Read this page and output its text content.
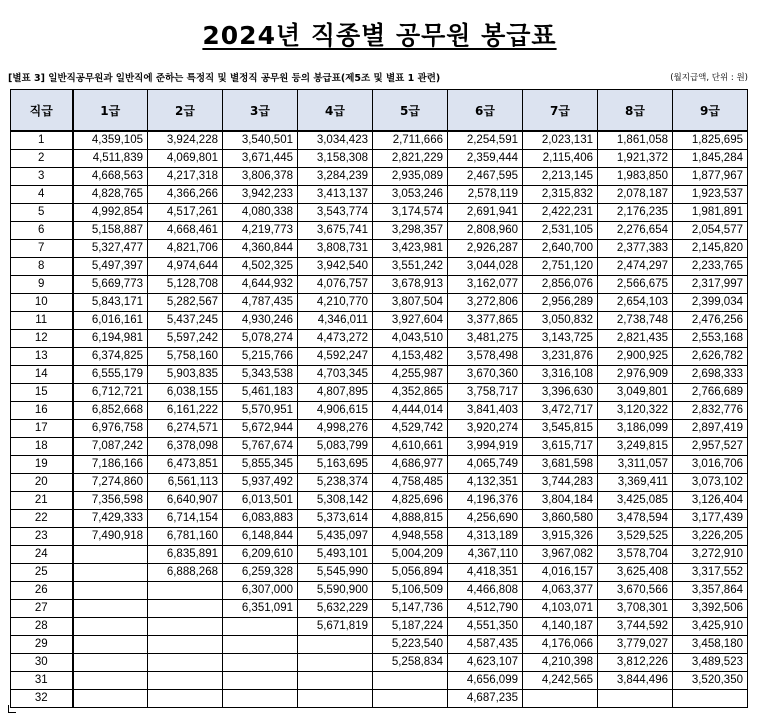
2024년 직종별 공무원 봉급표
[별표 3] 일반직공무원과 일반직에 준하는 특정직 및 별정직 공무원 등의 봉급표(제5조 및 별표 1 관련)	(월지급액, 단위 : 원)
직급	1급	2급	3급	4급	5급	6급	7급	8급	9급
1	4,359,105	3,924,228	3,540,501	3,034,423	2,711,666	2,254,591	2,023,131	1,861,058	1,825,695
2	4,511,839	4,069,801	3,671,445	3,158,308	2,821,229	2,359,444	2,115,406	1,921,372	1,845,284
3	4,668,563	4,217,318	3,806,378	3,284,239	2,935,089	2,467,595	2,213,145	1,983,850	1,877,967
4	4,828,765	4,366,266	3,942,233	3,413,137	3,053,246	2,578,119	2,315,832	2,078,187	1,923,537
5	4,992,854	4,517,261	4,080,338	3,543,774	3,174,574	2,691,941	2,422,231	2,176,235	1,981,891
6	5,158,887	4,668,461	4,219,773	3,675,741	3,298,357	2,808,960	2,531,105	2,276,654	2,054,577
7	5,327,477	4,821,706	4,360,844	3,808,731	3,423,981	2,926,287	2,640,700	2,377,383	2,145,820
8	5,497,397	4,974,644	4,502,325	3,942,540	3,551,242	3,044,028	2,751,120	2,474,297	2,233,765
9	5,669,773	5,128,708	4,644,932	4,076,757	3,678,913	3,162,077	2,856,076	2,566,675	2,317,997
10	5,843,171	5,282,567	4,787,435	4,210,770	3,807,504	3,272,806	2,956,289	2,654,103	2,399,034
11	6,016,161	5,437,245	4,930,246	4,346,011	3,927,604	3,377,865	3,050,832	2,738,748	2,476,256
12	6,194,981	5,597,242	5,078,274	4,473,272	4,043,510	3,481,275	3,143,725	2,821,435	2,553,168
13	6,374,825	5,758,160	5,215,766	4,592,247	4,153,482	3,578,498	3,231,876	2,900,925	2,626,782
14	6,555,179	5,903,835	5,343,538	4,703,345	4,255,987	3,670,360	3,316,108	2,976,909	2,698,333
15	6,712,721	6,038,155	5,461,183	4,807,895	4,352,865	3,758,717	3,396,630	3,049,801	2,766,689
16	6,852,668	6,161,222	5,570,951	4,906,615	4,444,014	3,841,403	3,472,717	3,120,322	2,832,776
17	6,976,758	6,274,571	5,672,944	4,998,276	4,529,742	3,920,274	3,545,815	3,186,099	2,897,419
18	7,087,242	6,378,098	5,767,674	5,083,799	4,610,661	3,994,919	3,615,717	3,249,815	2,957,527
19	7,186,166	6,473,851	5,855,345	5,163,695	4,686,977	4,065,749	3,681,598	3,311,057	3,016,706
20	7,274,860	6,561,113	5,937,492	5,238,374	4,758,485	4,132,351	3,744,283	3,369,411	3,073,102
21	7,356,598	6,640,907	6,013,501	5,308,142	4,825,696	4,196,376	3,804,184	3,425,085	3,126,404
22	7,429,333	6,714,154	6,083,883	5,373,614	4,888,815	4,256,690	3,860,580	3,478,594	3,177,439
23	7,490,918	6,781,160	6,148,844	5,435,097	4,948,558	4,313,189	3,915,326	3,529,525	3,226,205
24		6,835,891	6,209,610	5,493,101	5,004,209	4,367,110	3,967,082	3,578,704	3,272,910
25		6,888,268	6,259,328	5,545,990	5,056,894	4,418,351	4,016,157	3,625,408	3,317,552
26			6,307,000	5,590,900	5,106,509	4,466,808	4,063,377	3,670,566	3,357,864
27			6,351,091	5,632,229	5,147,736	4,512,790	4,103,071	3,708,301	3,392,506
28				5,671,819	5,187,224	4,551,350	4,140,187	3,744,592	3,425,910
29					5,223,540	4,587,435	4,176,066	3,779,027	3,458,180
30					5,258,834	4,623,107	4,210,398	3,812,226	3,489,523
31						4,656,099	4,242,565	3,844,496	3,520,350
32						4,687,235			
